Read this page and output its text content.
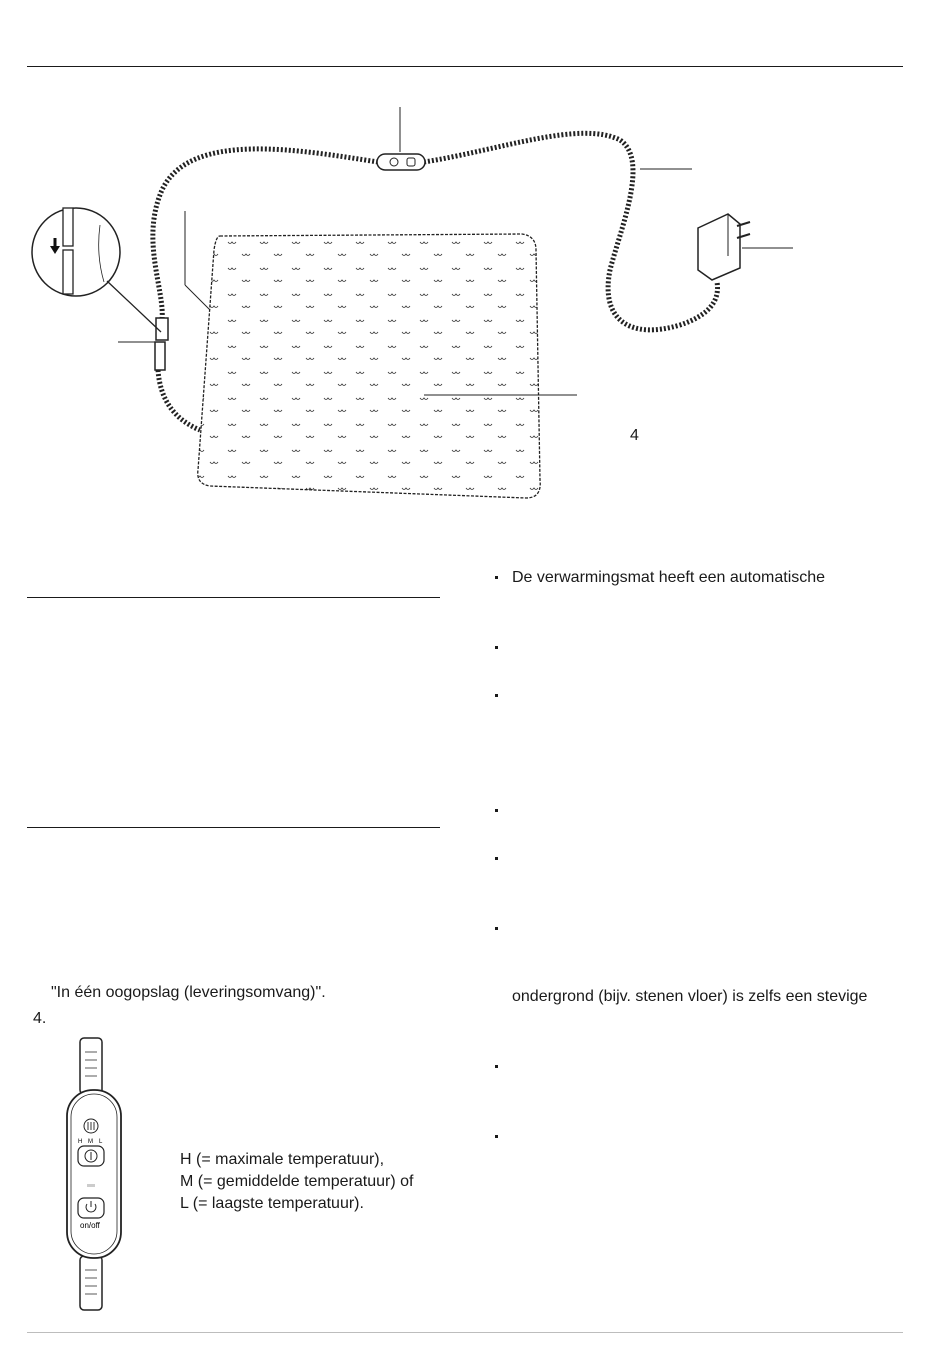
4
"In één oogopslag (leveringsomvang)".
4.
H M L
on/off
H (= maximale temperatuur),
M (= gemiddelde temperatuur) of
L (= laagste temperatuur).
De verwarmingsmat heeft een automatische
ondergrond (bijv. stenen vloer) is zelfs een stevige
